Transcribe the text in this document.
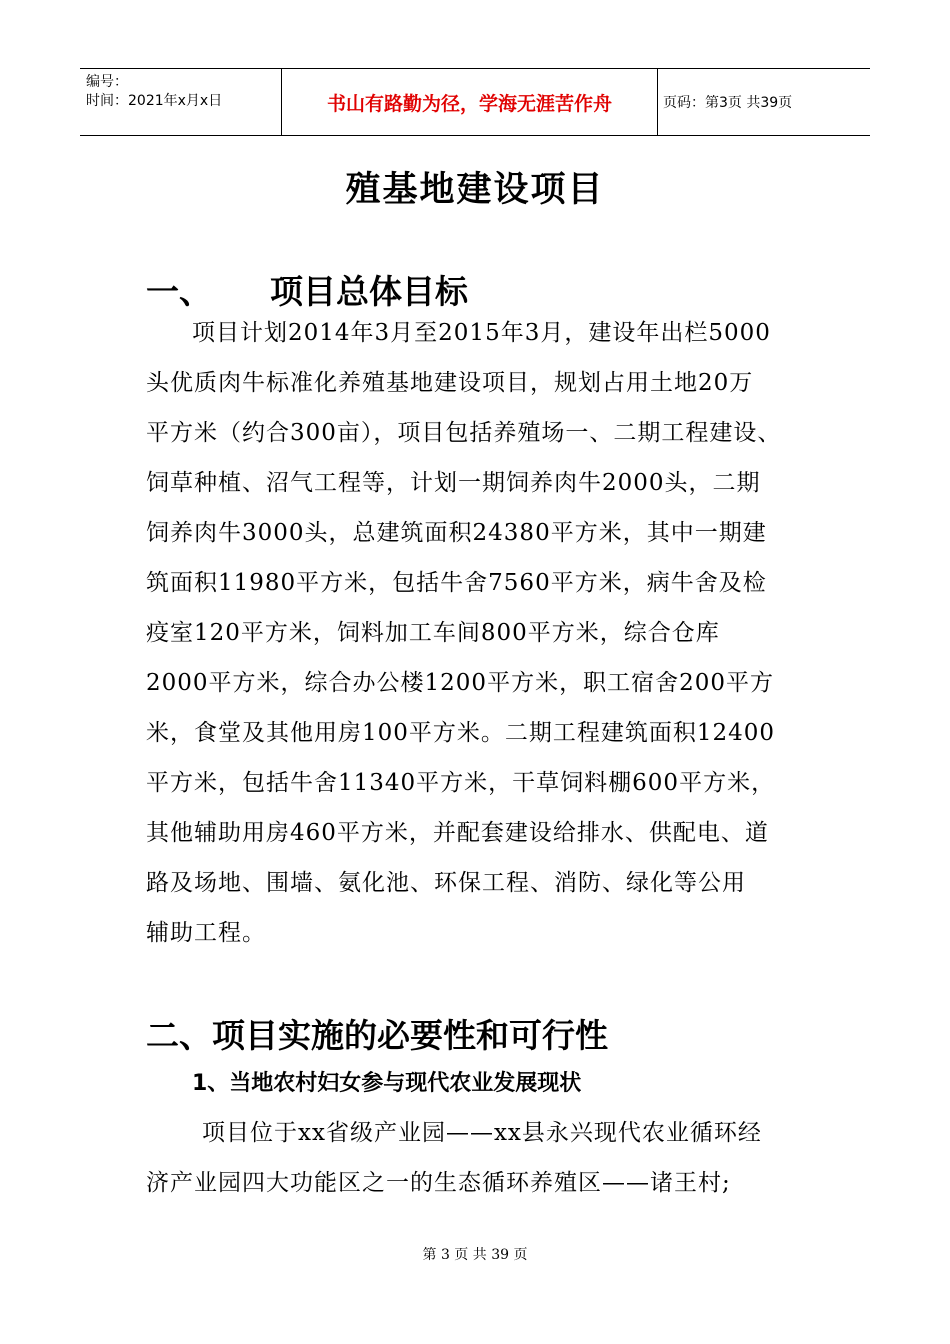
编号：
时间：2021年x月x日	书山有路勤为径，学海无涯苦作舟	页码：第3页 共39页
殖基地建设项目
一、 项目总体目标
项目计划2014年3月至2015年3月，建设年出栏5000
头优质肉牛标准化养殖基地建设项目，规划占用土地20万
平方米（约合300亩），项目包括养殖场一、二期工程建设、
饲草种植、沼气工程等，计划一期饲养肉牛2000头，二期
饲养肉牛3000头，总建筑面积24380平方米，其中一期建
筑面积11980平方米，包括牛舍7560平方米，病牛舍及检
疫室120平方米，饲料加工车间800平方米，综合仓库
2000平方米，综合办公楼1200平方米，职工宿舍200平方
米，食堂及其他用房100平方米。二期工程建筑面积12400
平方米，包括牛舍11340平方米，干草饲料棚600平方米，
其他辅助用房460平方米，并配套建设给排水、供配电、道
路及场地、围墙、氨化池、环保工程、消防、绿化等公用
辅助工程。
二、项目实施的必要性和可行性
1、当地农村妇女参与现代农业发展现状
项目位于xx省级产业园——xx县永兴现代农业循环经
济产业园四大功能区之一的生态循环养殖区——诸王村;
第 3 页 共 39 页
